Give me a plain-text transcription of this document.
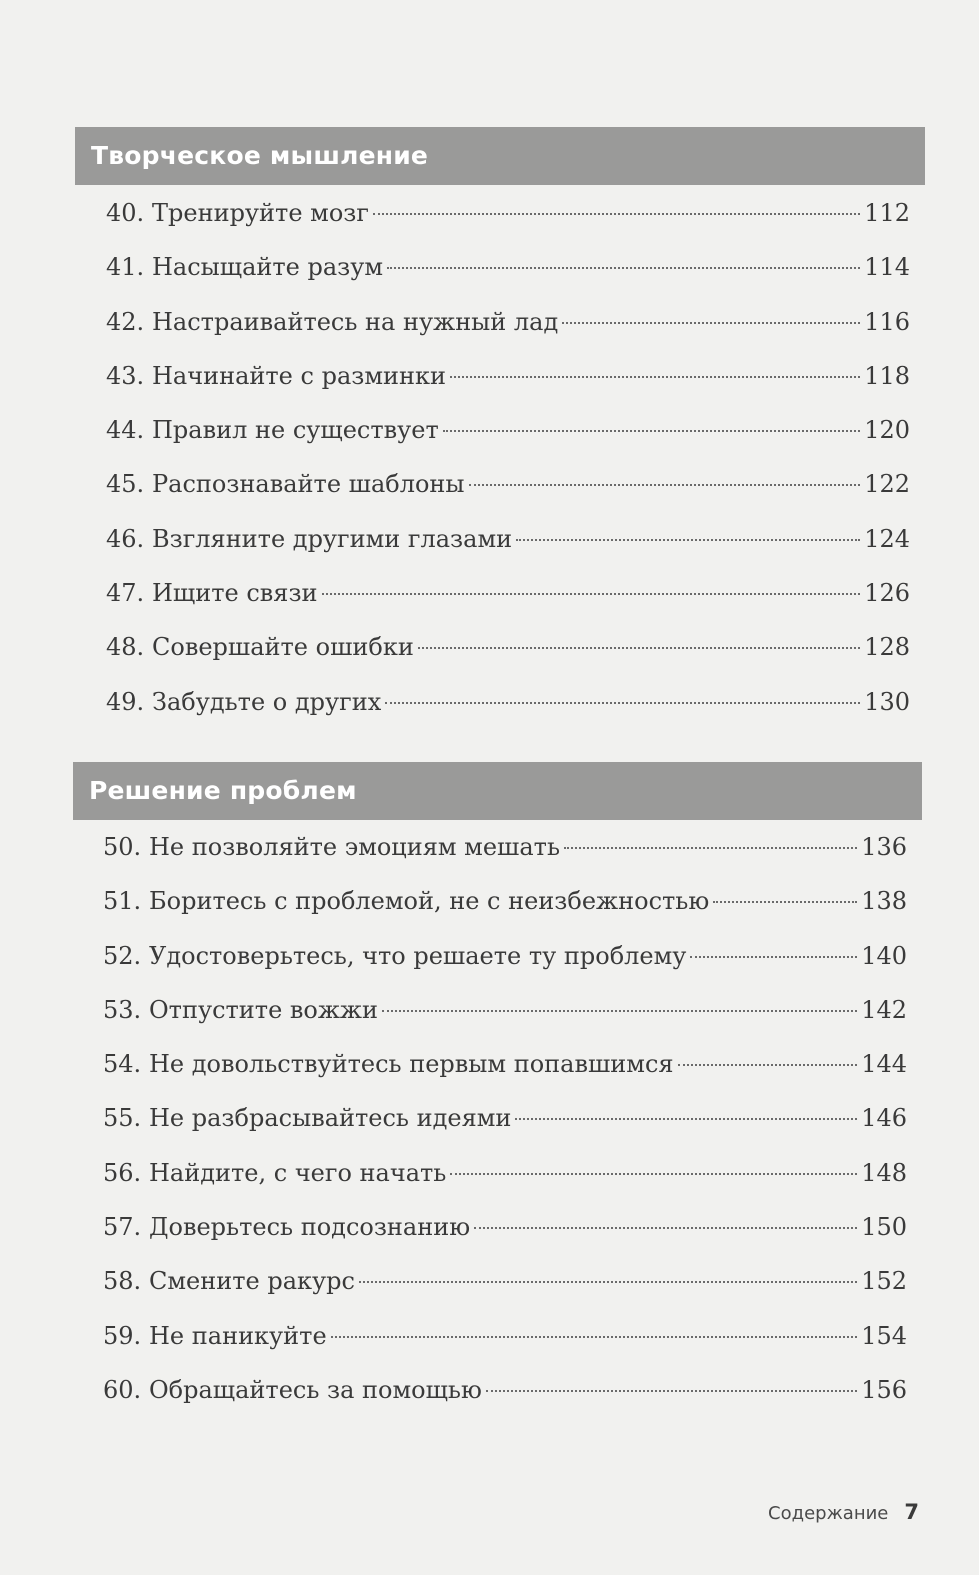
Творческое мышление
40. Тренируйте мозг	112
41. Насыщайте разум	114
42. Настраивайтесь на нужный лад	116
43. Начинайте с разминки	118
44. Правил не существует	120
45. Распознавайте шаблоны	122
46. Взгляните другими глазами	124
47. Ищите связи	126
48. Совершайте ошибки	128
49. Забудьте о других	130
Решение проблем
50. Не позволяйте эмоциям мешать	136
51. Боритесь с проблемой, не с неизбежностью	138
52. Удостоверьтесь, что решаете ту проблему	140
53. Отпустите вожжи	142
54. Не довольствуйтесь первым попавшимся	144
55. Не разбрасывайтесь идеями	146
56. Найдите, с чего начать	148
57. Доверьтесь подсознанию	150
58. Смените ракурс	152
59. Не паникуйте	154
60. Обращайтесь за помощью	156
Содержание 7
